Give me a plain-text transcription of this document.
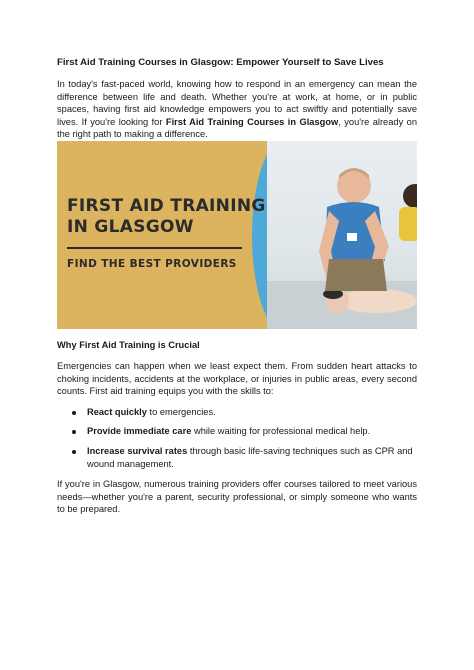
First Aid Training Courses in Glasgow: Empower Yourself to Save Lives

In today's fast-paced world, knowing how to respond in an emergency can mean the difference between life and death. Whether you're at work, at home, or in public spaces, having first aid knowledge empowers you to act swiftly and potentially save lives. If you're looking for First Aid Training Courses in Glasgow, you're already on the right path to making a difference.

FIRST AID TRAINING
IN GLASGOW
FIND THE BEST PROVIDERS
Why First Aid Training is Crucial

Emergencies can happen when we least expect them. From sudden heart attacks to choking incidents, accidents at the workplace, or injuries in public areas, every second counts. First aid training equips you with the skills to:

React quickly to emergencies.
Provide immediate care while waiting for professional medical help.
Increase survival rates through basic life-saving techniques such as CPR and wound management.

If you're in Glasgow, numerous training providers offer courses tailored to meet various needs—whether you're a parent, security professional, or simply someone who wants to be prepared.
